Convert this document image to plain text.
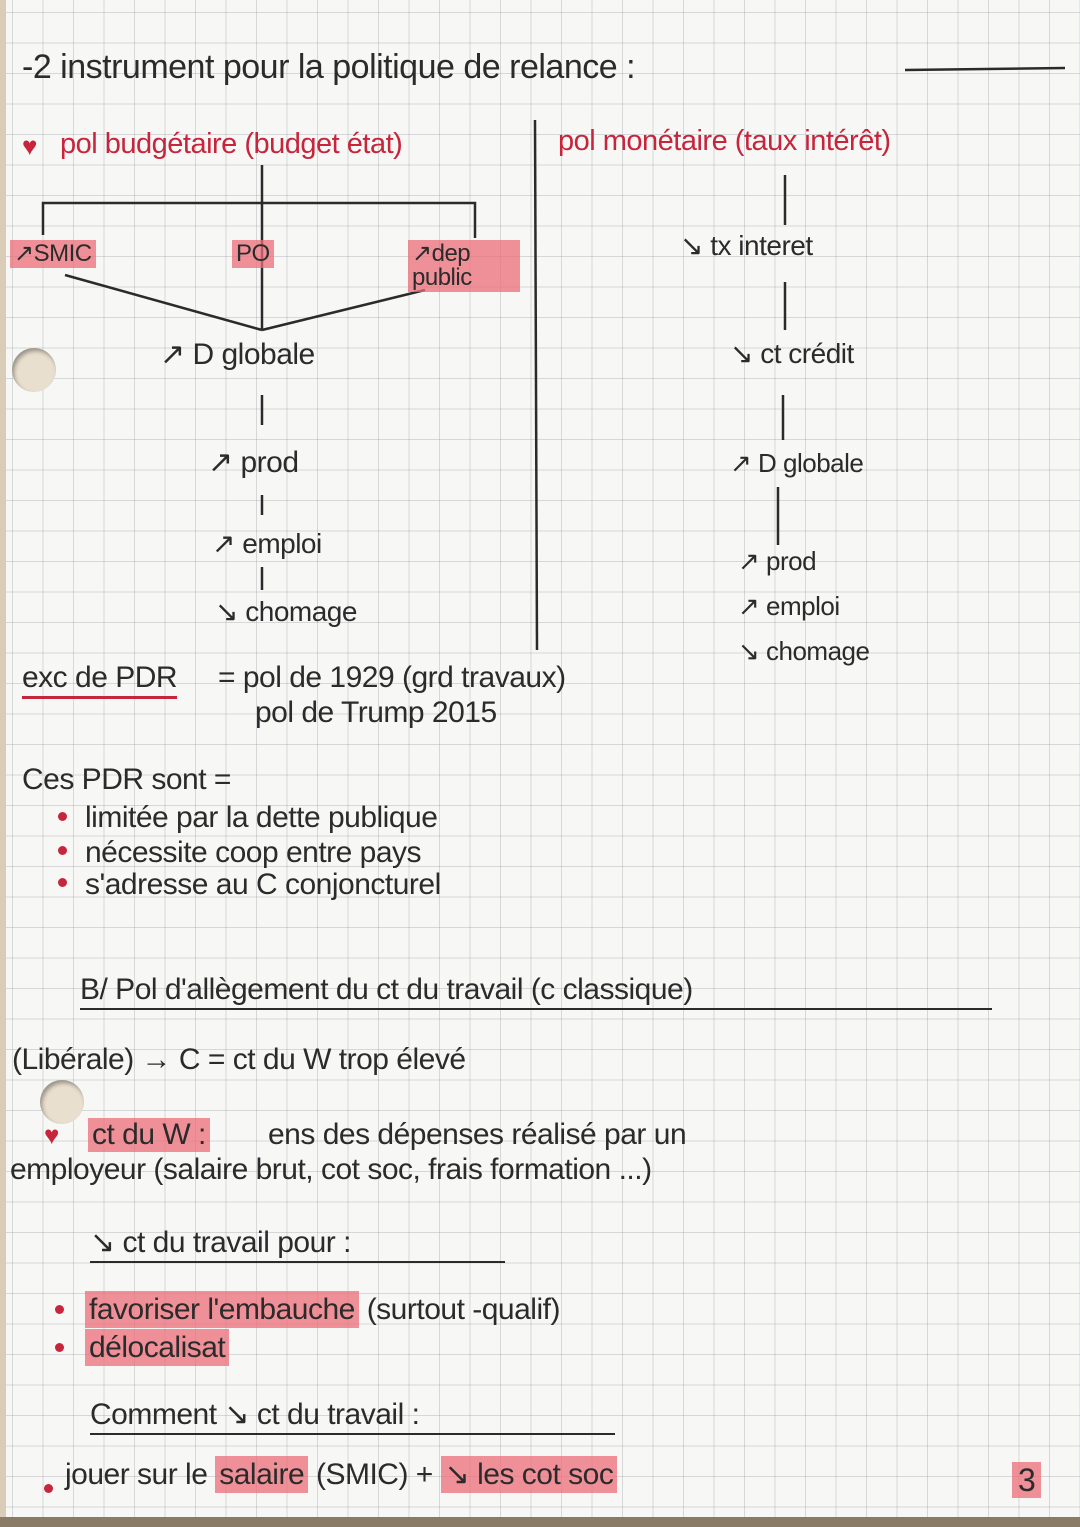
-2 instrument pour la politique de relance :
♥ pol budgétaire (budget état)	pol monétaire (taux intérêt)
↗SMIC	PO	↗dep public
↗ D globale
↗ prod
↗ emploi
↘ chomage
↘ tx interet
↘ ct crédit
↗ D globale
↗ prod
↗ emploi
↘ chomage
exc de PDR = pol de 1929 (grd travaux)
pol de Trump 2015
Ces PDR sont =
limitée par la dette publique
nécessite coop entre pays
s'adresse au C conjoncturel
B/ Pol d'allègement du ct du travail (c classique)
(Libérale) → C = ct du W trop élevé
♥ ct du W : ens des dépenses réalisé par un
employeur (salaire brut, cot soc, frais formation ...)
↘ ct du travail pour :
favoriser l'embauche (surtout -qualif)
délocalisat
Comment ↘ ct du travail :
jouer sur le salaire (SMIC) + ↘ les cot soc	3
